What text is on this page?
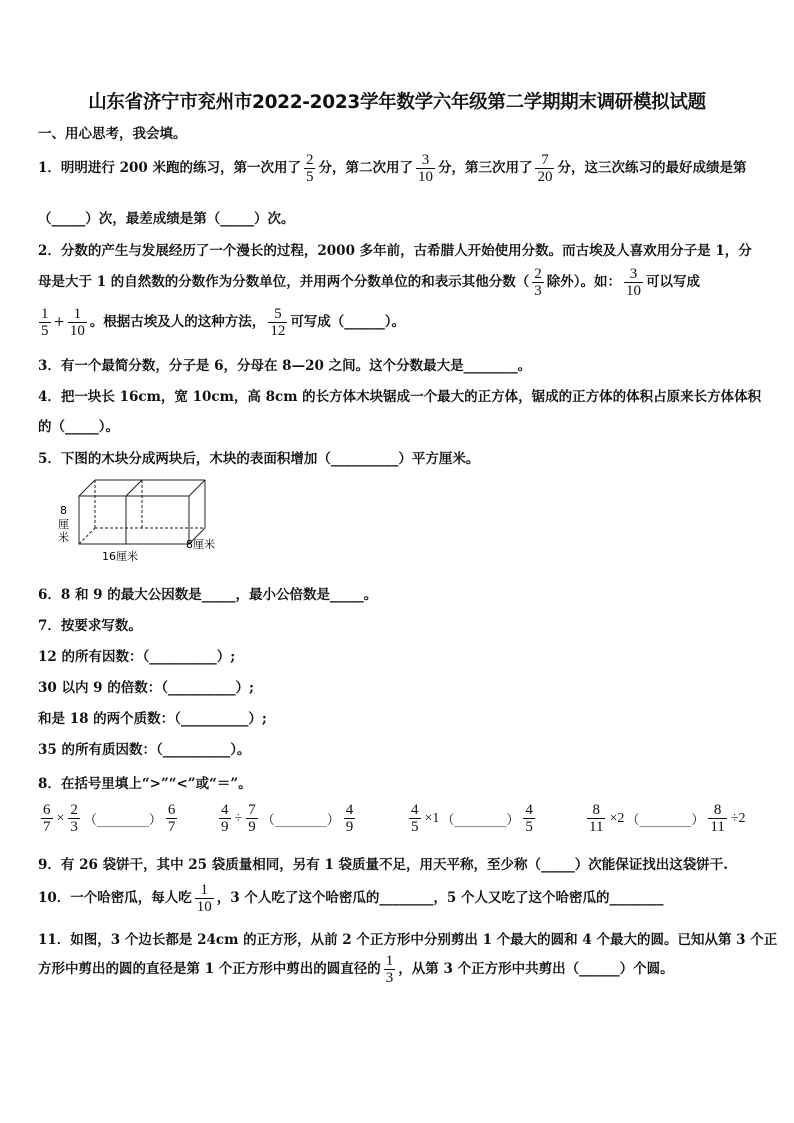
山东省济宁市兖州市2022-2023学年数学六年级第二学期期末调研模拟试题
一、用心思考，我会填。
1．明明进行 200 米跑的练习，第一次用了 $\frac{2}{5}$ 分，第二次用了 $\frac{3}{10}$ 分，第三次用了 $\frac{7}{20}$ 分，这三次练习的最好成绩是第
（_____）次，最差成绩是第（_____）次。
2．分数的产生与发展经历了一个漫长的过程，2000 多年前，古希腊人开始使用分数。而古埃及人喜欢用分子是 1，分
母是大于 1 的自然数的分数作为分数单位，并用两个分数单位的和表示其他分数（ $\frac{2}{3}$ 除外）。如： $\frac{3}{10}$ 可以写成
$\frac{1}{5} + \frac{1}{10}$ 。根据古埃及人的这种方法， $\frac{5}{12}$ 可写成（______）。
3．有一个最简分数，分子是 6，分母在 8—20 之间。这个分数最大是________。
4．把一块长 16cm，宽 10cm，高 8cm 的长方体木块锯成一个最大的正方体，锯成的正方体的体积占原来长方体体积
的（_____）。
5．下图的木块分成两块后，木块的表面积增加（__________）平方厘米。
8
厘
米
16厘米
8厘米
6．8 和 9 的最大公因数是_____，最小公倍数是_____。
7．按要求写数。
12 的所有因数：（__________）;
30 以内 9 的倍数：（__________）;
和是 18 的两个质数：（__________）;
35 的所有质因数：（__________）。
8．在括号里填上“>”“<”或“＝”。
$\frac{6}{7} \times \frac{2}{3}$ （________） $\frac{6}{7}$	$\frac{4}{9} \div \frac{7}{9}$ （________） $\frac{4}{9}$	$\frac{4}{5} \times 1$ （________） $\frac{4}{5}$	$\frac{8}{11} \times 2$ （________） $\frac{8}{11} \div 2$
9．有 26 袋饼干，其中 25 袋质量相同，另有 1 袋质量不足，用天平称，至少称（_____）次能保证找出这袋饼干.
10．一个哈密瓜，每人吃 $\frac{1}{10}$ ，3 个人吃了这个哈密瓜的________，5 个人又吃了这个哈密瓜的________
11．如图，3 个边长都是 24cm 的正方形，从前 2 个正方形中分别剪出 1 个最大的圆和 4 个最大的圆。已知从第 3 个正
方形中剪出的圆的直径是第 1 个正方形中剪出的圆直径的 $\frac{1}{3}$ ，从第 3 个正方形中共剪出（______）个圆。
